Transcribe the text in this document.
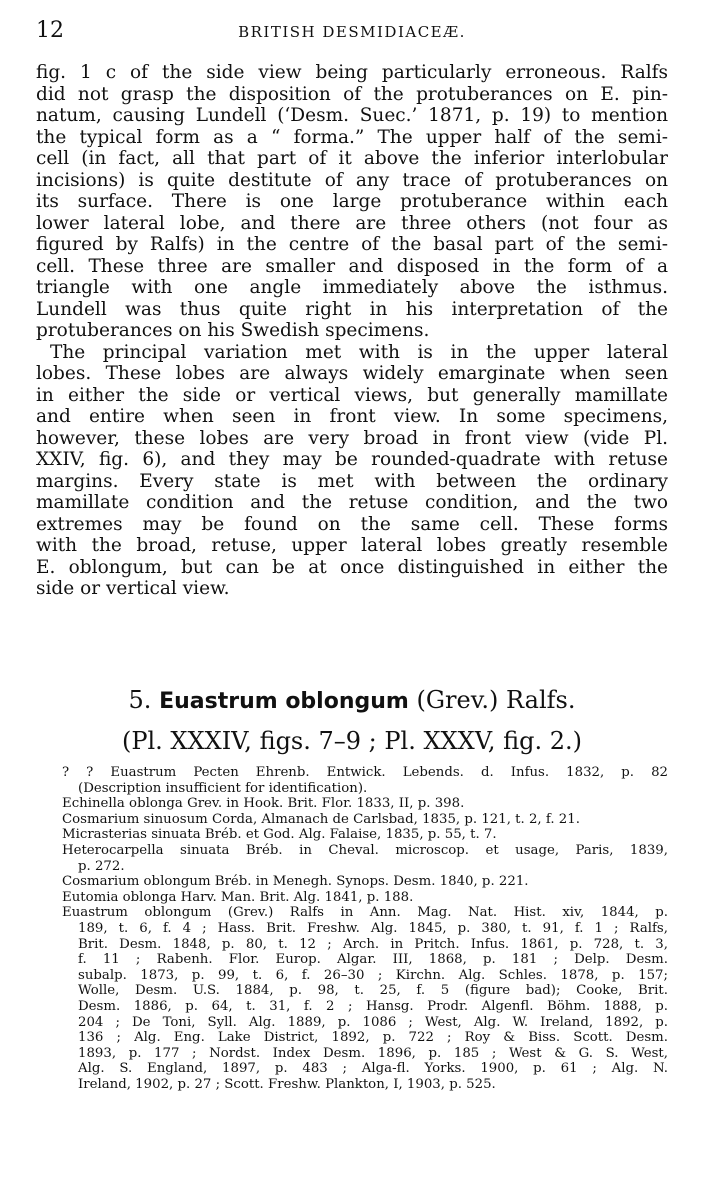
12	BRITISH DESMIDIACEÆ.
fig. 1 c of the side view being particularly erroneous. Ralfs
did not grasp the disposition of the protuberances on E. pin-
natum, causing Lundell (‘Desm. Suec.’ 1871, p. 19) to mention
the typical form as a “ forma.” The upper half of the semi-
cell (in fact, all that part of it above the inferior interlobular
incisions) is quite destitute of any trace of protuberances on
its surface. There is one large protuberance within each
lower lateral lobe, and there are three others (not four as
figured by Ralfs) in the centre of the basal part of the semi-
cell. These three are smaller and disposed in the form of a
triangle with one angle immediately above the isthmus.
Lundell was thus quite right in his interpretation of the
protuberances on his Swedish specimens.
The principal variation met with is in the upper lateral
lobes. These lobes are always widely emarginate when seen
in either the side or vertical views, but generally mamillate
and entire when seen in front view. In some specimens,
however, these lobes are very broad in front view (vide Pl.
XXIV, fig. 6), and they may be rounded-quadrate with retuse
margins. Every state is met with between the ordinary
mamillate condition and the retuse condition, and the two
extremes may be found on the same cell. These forms
with the broad, retuse, upper lateral lobes greatly resemble
E. oblongum, but can be at once distinguished in either the
side or vertical view.
5. Euastrum oblongum (Grev.) Ralfs.
(Pl. XXXIV, figs. 7–9 ; Pl. XXXV, fig. 2.)
? ? Euastrum Pecten Ehrenb. Entwick. Lebends. d. Infus. 1832, p. 82
(Description insufficient for identification).
Echinella oblonga Grev. in Hook. Brit. Flor. 1833, II, p. 398.
Cosmarium sinuosum Corda, Almanach de Carlsbad, 1835, p. 121, t. 2, f. 21.
Micrasterias sinuata Bréb. et God. Alg. Falaise, 1835, p. 55, t. 7.
Heterocarpella sinuata Bréb. in Cheval. microscop. et usage, Paris, 1839,
p. 272.
Cosmarium oblongum Bréb. in Menegh. Synops. Desm. 1840, p. 221.
Eutomia oblonga Harv. Man. Brit. Alg. 1841, p. 188.
Euastrum oblongum (Grev.) Ralfs in Ann. Mag. Nat. Hist. xiv, 1844, p.
189, t. 6, f. 4 ; Hass. Brit. Freshw. Alg. 1845, p. 380, t. 91, f. 1 ; Ralfs,
Brit. Desm. 1848, p. 80, t. 12 ; Arch. in Pritch. Infus. 1861, p. 728, t. 3,
f. 11 ; Rabenh. Flor. Europ. Algar. III, 1868, p. 181 ; Delp. Desm.
subalp. 1873, p. 99, t. 6, f. 26–30 ; Kirchn. Alg. Schles. 1878, p. 157;
Wolle, Desm. U.S. 1884, p. 98, t. 25, f. 5 (figure bad); Cooke, Brit.
Desm. 1886, p. 64, t. 31, f. 2 ; Hansg. Prodr. Algenfl. Böhm. 1888, p.
204 ; De Toni, Syll. Alg. 1889, p. 1086 ; West, Alg. W. Ireland, 1892, p.
136 ; Alg. Eng. Lake District, 1892, p. 722 ; Roy & Biss. Scott. Desm.
1893, p. 177 ; Nordst. Index Desm. 1896, p. 185 ; West & G. S. West,
Alg. S. England, 1897, p. 483 ; Alga-fl. Yorks. 1900, p. 61 ; Alg. N.
Ireland, 1902, p. 27 ; Scott. Freshw. Plankton, I, 1903, p. 525.
